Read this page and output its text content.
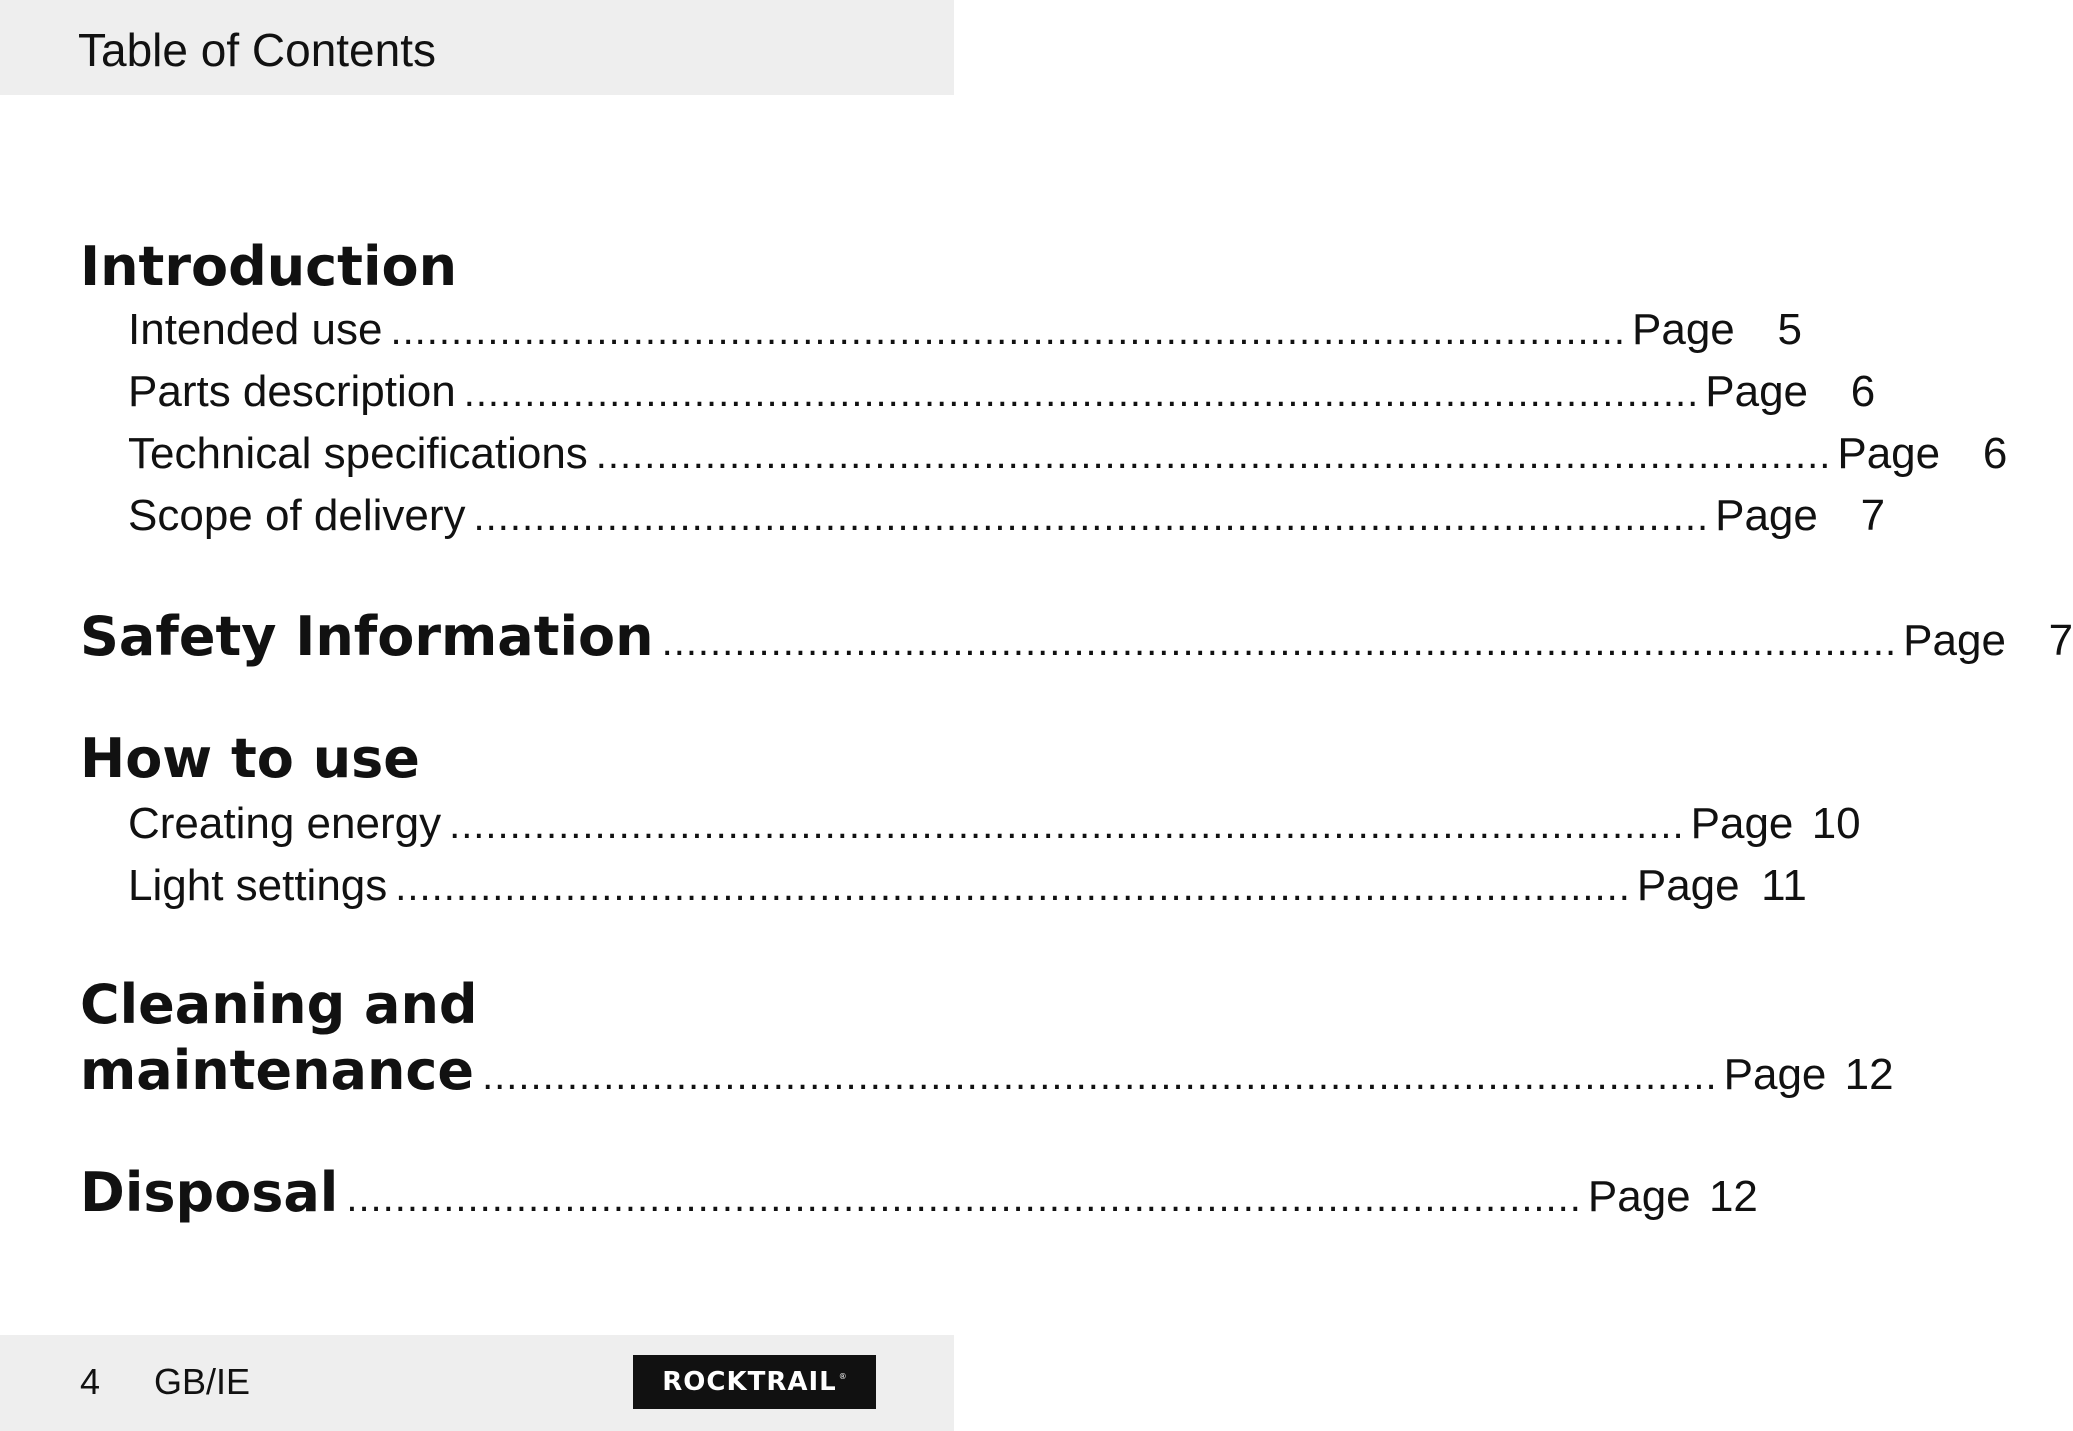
Table of Contents
Introduction
Intended use ...................................................................................................... Page 5
Parts description ...................................................................................................... Page 6
Technical specifications ...................................................................................................... Page 6
Scope of delivery ...................................................................................................... Page 7
Safety Information ...................................................................................................... Page 7
How to use
Creating energy ...................................................................................................... Page 10
Light settings ...................................................................................................... Page 11
Cleaning and
maintenance ...................................................................................................... Page 12
Disposal ...................................................................................................... Page 12
4 GB/IE	ROCKTRAIL ®
